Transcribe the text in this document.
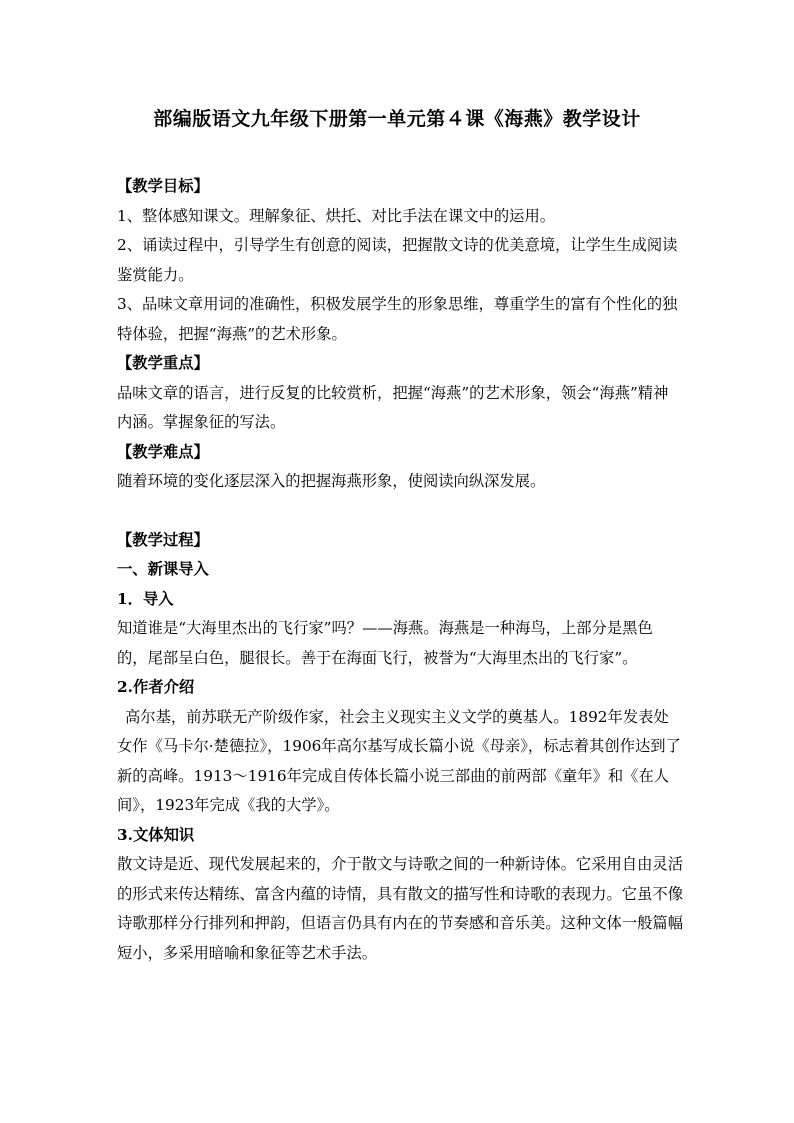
部编版语文九年级下册第一单元第４课《海燕》教学设计

【教学目标】

1、整体感知课文。理解象征、烘托、对比手法在课文中的运用。

2、诵读过程中，引导学生有创意的阅读，把握散文诗的优美意境，让学生生成阅读鉴赏能力。

3、品味文章用词的准确性，积极发展学生的形象思维，尊重学生的富有个性化的独特体验，把握“海燕”的艺术形象。

【教学重点】

品味文章的语言，进行反复的比较赏析，把握“海燕”的艺术形象，领会“海燕”精神内涵。掌握象征的写法。

【教学难点】

随着环境的变化逐层深入的把握海燕形象，使阅读向纵深发展。

【教学过程】

一、新课导入

1．导入

知道谁是“大海里杰出的飞行家”吗？——海燕。海燕是一种海鸟，上部分是黑色的，尾部呈白色，腿很长。善于在海面飞行，被誉为“大海里杰出的飞行家”。

2.作者介绍

高尔基，前苏联无产阶级作家，社会主义现实主义文学的奠基人。1892年发表处女作《马卡尔·楚德拉》，1906年高尔基写成长篇小说《母亲》，标志着其创作达到了新的高峰。1913～1916年完成自传体长篇小说三部曲的前两部《童年》和《在人间》，1923年完成《我的大学》。

3.文体知识

散文诗是近、现代发展起来的，介于散文与诗歌之间的一种新诗体。它采用自由灵活的形式来传达精练、富含内蕴的诗情，具有散文的描写性和诗歌的表现力。它虽不像诗歌那样分行排列和押韵，但语言仍具有内在的节奏感和音乐美。这种文体一般篇幅短小，多采用暗喻和象征等艺术手法。
